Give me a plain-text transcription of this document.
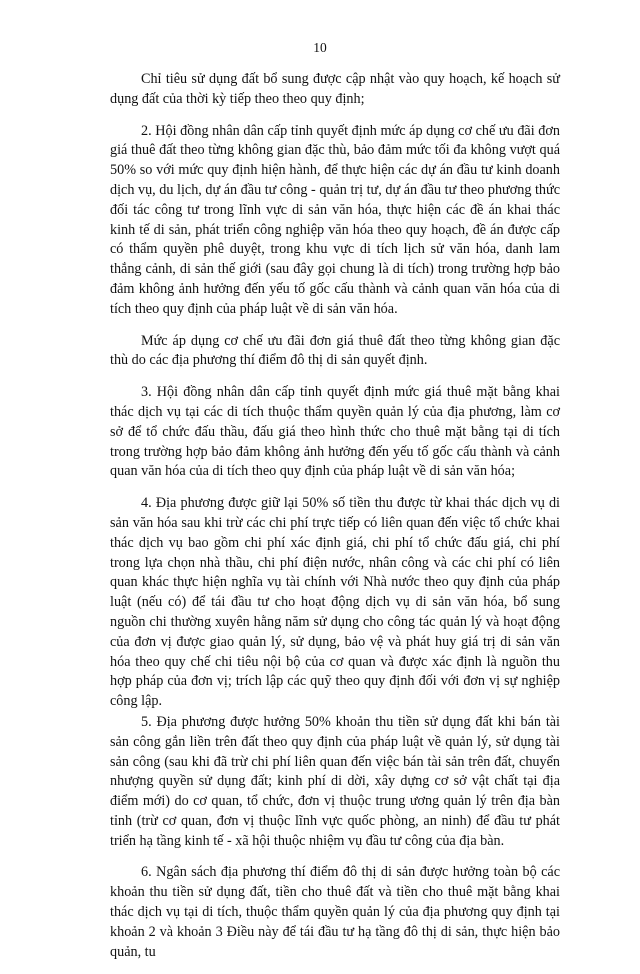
10

Chỉ tiêu sử dụng đất bổ sung được cập nhật vào quy hoạch, kế hoạch sử dụng đất của thời kỳ tiếp theo theo quy định;

2. Hội đồng nhân dân cấp tỉnh quyết định mức áp dụng cơ chế ưu đãi đơn giá thuê đất theo từng không gian đặc thù, bảo đảm mức tối đa không vượt quá 50% so với mức quy định hiện hành, để thực hiện các dự án đầu tư kinh doanh dịch vụ, du lịch, dự án đầu tư công - quản trị tư, dự án đầu tư theo phương thức đối tác công tư trong lĩnh vực di sản văn hóa, thực hiện các đề án khai thác kinh tế di sản, phát triển công nghiệp văn hóa theo quy hoạch, đề án được cấp có thẩm quyền phê duyệt, trong khu vực di tích lịch sử văn hóa, danh lam thắng cảnh, di sản thế giới (sau đây gọi chung là di tích) trong trường hợp bảo đảm không ảnh hưởng đến yếu tố gốc cấu thành và cảnh quan văn hóa của di tích theo quy định của pháp luật về di sản văn hóa.

Mức áp dụng cơ chế ưu đãi đơn giá thuê đất theo từng không gian đặc thù do các địa phương thí điểm đô thị di sản quyết định.

3. Hội đồng nhân dân cấp tỉnh quyết định mức giá thuê mặt bằng khai thác dịch vụ tại các di tích thuộc thẩm quyền quản lý của địa phương, làm cơ sở để tổ chức đấu thầu, đấu giá theo hình thức cho thuê mặt bằng tại di tích trong trường hợp bảo đảm không ảnh hưởng đến yếu tố gốc cấu thành và cảnh quan văn hóa của di tích theo quy định của pháp luật về di sản văn hóa;

4. Địa phương được giữ lại 50% số tiền thu được từ khai thác dịch vụ di sản văn hóa sau khi trừ các chi phí trực tiếp có liên quan đến việc tổ chức khai thác dịch vụ bao gồm chi phí xác định giá, chi phí tổ chức đấu giá, chi phí trong lựa chọn nhà thầu, chi phí điện nước, nhân công và các chi phí có liên quan khác thực hiện nghĩa vụ tài chính với Nhà nước theo quy định của pháp luật (nếu có) để tái đầu tư cho hoạt động dịch vụ di sản văn hóa, bổ sung nguồn chi thường xuyên hằng năm sử dụng cho công tác quản lý và hoạt động của đơn vị được giao quản lý, sử dụng, bảo vệ và phát huy giá trị di sản văn hóa theo quy chế chi tiêu nội bộ của cơ quan và được xác định là nguồn thu hợp pháp của đơn vị; trích lập các quỹ theo quy định đối với đơn vị sự nghiệp công lập.

5. Địa phương được hưởng 50% khoản thu tiền sử dụng đất khi bán tài sản công gắn liền trên đất theo quy định của pháp luật về quản lý, sử dụng tài sản công (sau khi đã trừ chi phí liên quan đến việc bán tài sản trên đất, chuyển nhượng quyền sử dụng đất; kinh phí di dời, xây dựng cơ sở vật chất tại địa điểm mới) do cơ quan, tổ chức, đơn vị thuộc trung ương quản lý trên địa bàn tỉnh (trừ cơ quan, đơn vị thuộc lĩnh vực quốc phòng, an ninh) để đầu tư phát triển hạ tầng kinh tế - xã hội thuộc nhiệm vụ đầu tư công của địa bàn.

6. Ngân sách địa phương thí điểm đô thị di sản được hưởng toàn bộ các khoản thu tiền sử dụng đất, tiền cho thuê đất và tiền cho thuê mặt bằng khai thác dịch vụ tại di tích, thuộc thẩm quyền quản lý của địa phương quy định tại khoản 2 và khoản 3 Điều này để tái đầu tư hạ tầng đô thị di sản, thực hiện bảo quản, tu
